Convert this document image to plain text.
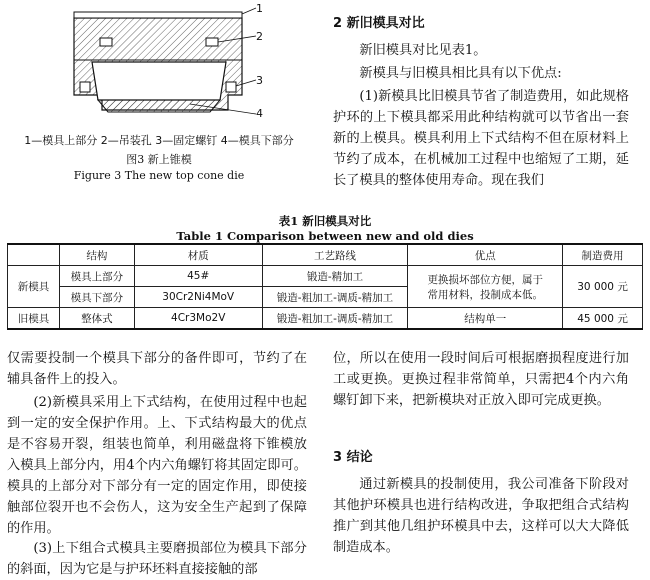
1
2
3
4
1—模具上部分 2—吊装孔 3—固定螺钉 4—模具下部分
图3 新上锥模
Figure 3 The new top cone die
2 新旧模具对比
新旧模具对比见表1。
新模具与旧模具相比具有以下优点:
(1)新模具比旧模具节省了制造费用，如此规格护环的上下模具都采用此种结构就可以节省出一套新的上模具。模具利用上下式结构不但在原材料上节约了成本，在机械加工过程中也缩短了工期，延长了模具的整体使用寿命。现在我们
表1 新旧模具对比
Table 1 Comparison between new and old dies
	结构	材质	工艺路线	优点	制造费用
新模具	模具上部分	45#	锻造-精加工	更换损坏部位方便，属于常用材料，投制成本低。	30 000 元
	模具下部分	30Cr2Ni4MoV	锻造-粗加工-调质-精加工		
旧模具	整体式	4Cr3Mo2V	锻造-粗加工-调质-精加工	结构单一	45 000 元
仅需要投制一个模具下部分的备件即可，节约了在辅具备件上的投入。
(2)新模具采用上下式结构，在使用过程中也起到一定的安全保护作用。上、下式结构最大的优点是不容易开裂，组装也简单，利用磁盘将下锥模放入模具上部分内，用4个内六角螺钉将其固定即可。模具的上部分对下部分有一定的固定作用，即使接触部位裂开也不会伤人，这为安全生产起到了保障的作用。
(3)上下组合式模具主要磨损部位为模具下部分的斜面，因为它是与护环坯料直接接触的部
位，所以在使用一段时间后可根据磨损程度进行加工或更换。更换过程非常简单，只需把4个内六角螺钉卸下来，把新模块对正放入即可完成更换。
3 结论
通过新模具的投制使用，我公司准备下阶段对其他护环模具也进行结构改进，争取把组合式结构推广到其他几组护环模具中去，这样可以大大降低制造成本。
